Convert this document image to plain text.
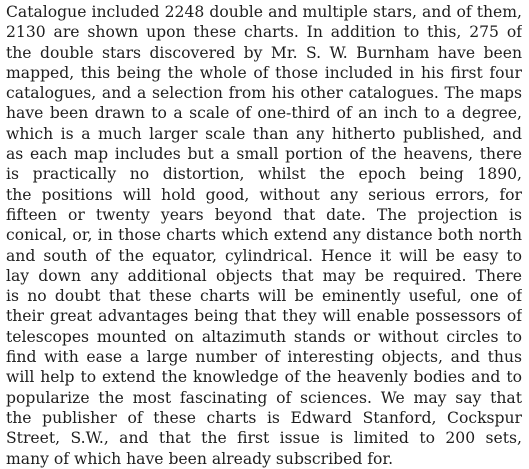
Catalogue included 2248 double and multiple stars, and of them,
2130 are shown upon these charts. In addition to this, 275 of
the double stars discovered by Mr. S. W. Burnham have been
mapped, this being the whole of those included in his first four
catalogues, and a selection from his other catalogues. The maps
have been drawn to a scale of one-third of an inch to a degree,
which is a much larger scale than any hitherto published, and
as each map includes but a small portion of the heavens, there
is practically no distortion, whilst the epoch being 1890,
the positions will hold good, without any serious errors, for
fifteen or twenty years beyond that date. The projection is
conical, or, in those charts which extend any distance both north
and south of the equator, cylindrical. Hence it will be easy to
lay down any additional objects that may be required. There
is no doubt that these charts will be eminently useful, one of
their great advantages being that they will enable possessors of
telescopes mounted on altazimuth stands or without circles to
find with ease a large number of interesting objects, and thus
will help to extend the knowledge of the heavenly bodies and to
popularize the most fascinating of sciences. We may say that
the publisher of these charts is Edward Stanford, Cockspur
Street, S.W., and that the first issue is limited to 200 sets,
many of which have been already subscribed for.
